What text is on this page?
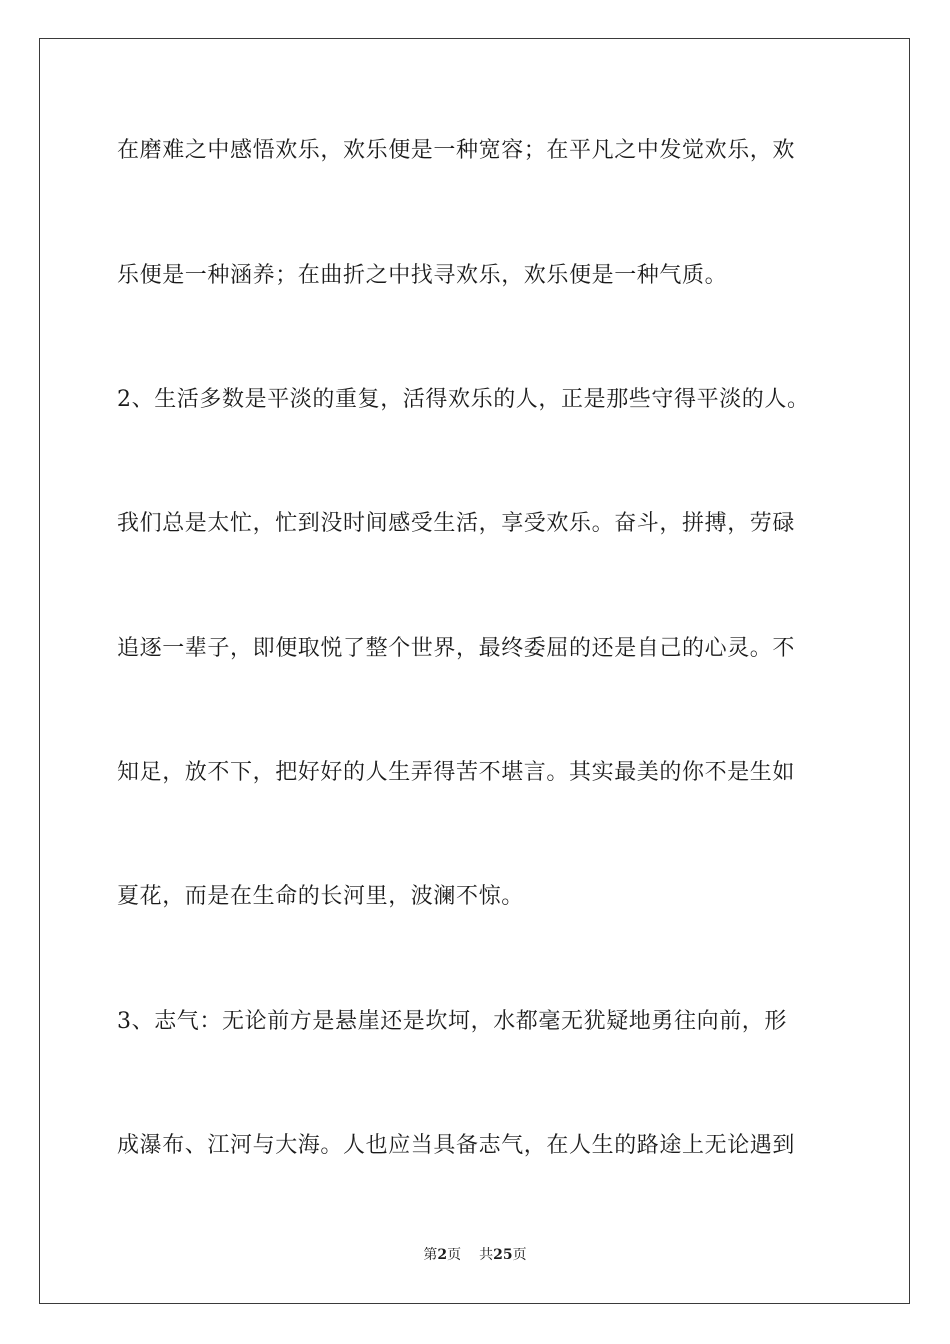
在磨难之中感悟欢乐，欢乐便是一种宽容；在平凡之中发觉欢乐，欢
乐便是一种涵养；在曲折之中找寻欢乐，欢乐便是一种气质。
2、生活多数是平淡的重复，活得欢乐的人，正是那些守得平淡的人。
我们总是太忙，忙到没时间感受生活，享受欢乐。奋斗，拼搏，劳碌
追逐一辈子，即便取悦了整个世界，最终委屈的还是自己的心灵。不
知足，放不下，把好好的人生弄得苦不堪言。其实最美的你不是生如
夏花，而是在生命的长河里，波澜不惊。
3、志气：无论前方是悬崖还是坎坷，水都毫无犹疑地勇往向前，形
成瀑布、江河与大海。人也应当具备志气，在人生的路途上无论遇到
第2页 共25页
